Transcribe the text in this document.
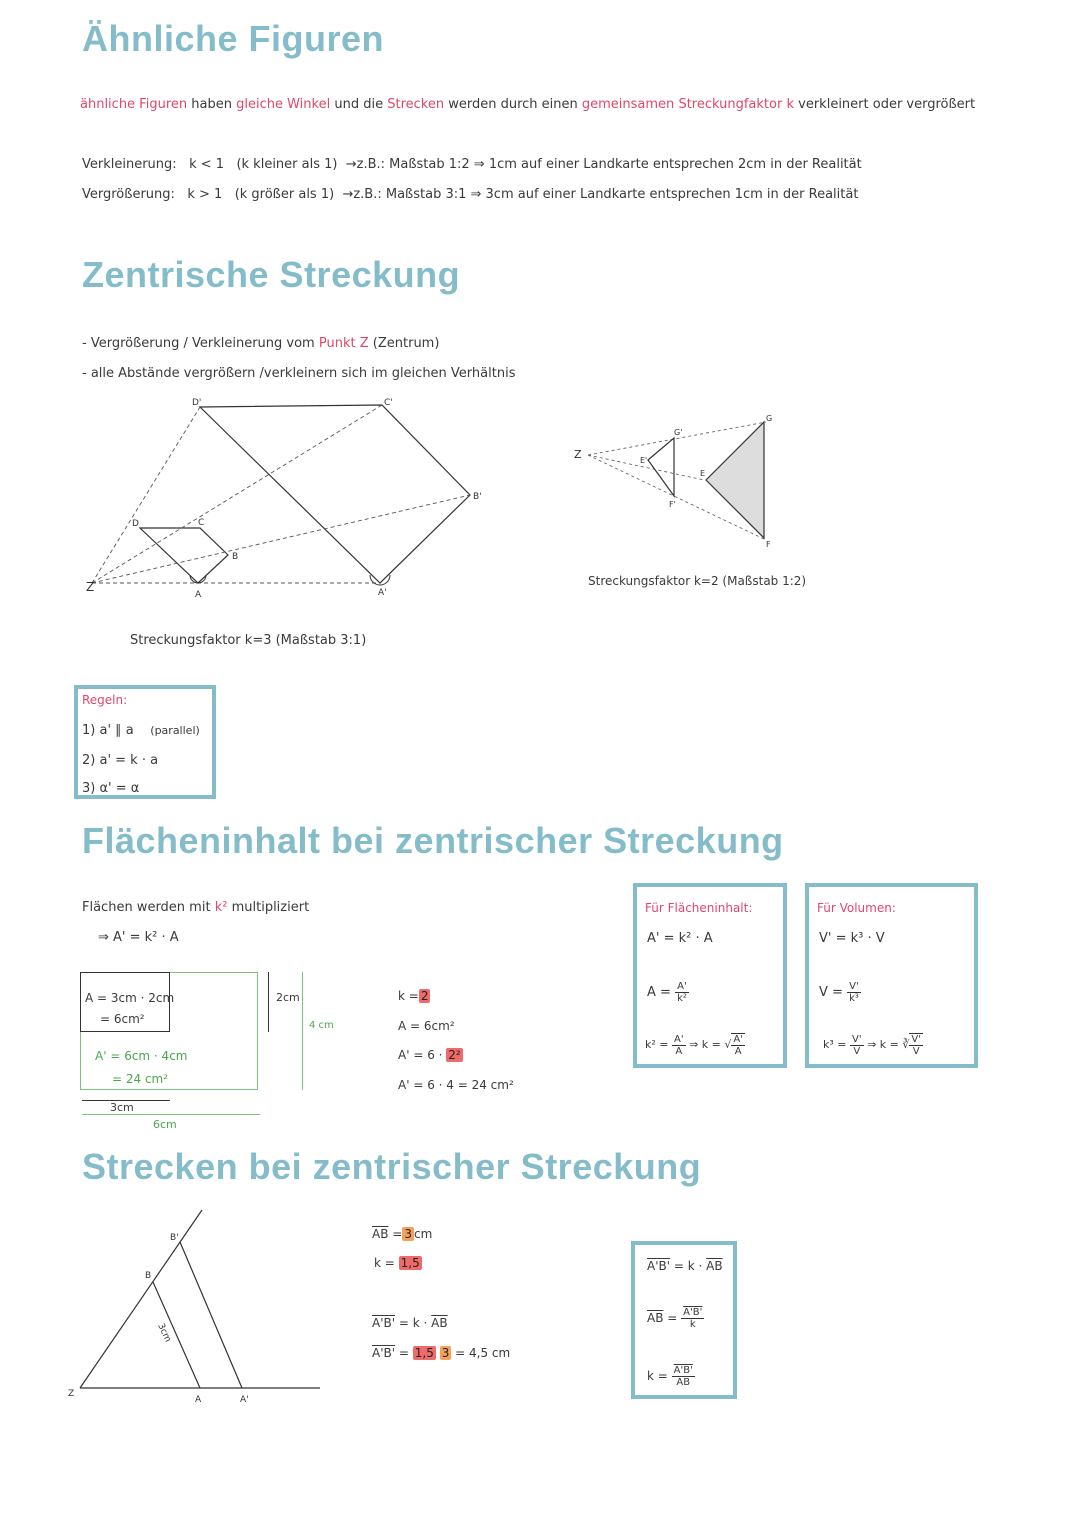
Ähnliche Figuren
ähnliche Figuren haben gleiche Winkel und die Strecken werden durch einen gemeinsamen Streckungfaktor k verkleinert oder vergrößert
Verkleinerung: k < 1 (k kleiner als 1) →z.B.: Maßstab 1:2 ⇒ 1cm auf einer Landkarte entsprechen 2cm in der Realität
Vergrößerung: k > 1 (k größer als 1) →z.B.: Maßstab 3:1 ⇒ 3cm auf einer Landkarte entsprechen 1cm in der Realität
Zentrische Streckung
- Vergrößerung / Verkleinerung vom Punkt Z (Zentrum)
- alle Abstände vergrößern /verkleinern sich im gleichen Verhältnis
D'	C'
B'
D	C
B
A	A'
Z
Streckungsfaktor k=3 (Maßstab 3:1)
Z
G'
E'
F'
E
G
F
Streckungsfaktor k=2 (Maßstab 1:2)
Regeln:
1) a' ∥ a (parallel)
2) a' = k · a
3) α' = α
Flächeninhalt bei zentrischer Streckung
Flächen werden mit k² multipliziert
⇒ A' = k² · A
A = 3cm · 2cm
= 6cm²
A' = 6cm · 4cm
= 24 cm²
3cm
6cm
2cm
4 cm
k = 2
A = 6cm²
A' = 6 · 2²
A' = 6 · 4 = 24 cm²
Für Flächeninhalt:
A' = k² · A
$A = \frac{A'}{\text{k²}}$
$k^2 = \frac{A'}{A}$ ⇒ k = √ $\frac{A'}{A}$
Für Volumen:
V' = k³ · V
$V = \frac{V'}{\text{k³}}$
$k^3 = \frac{V'}{V}$ ⇒ k = ∛ $\frac{V'}{V}$
Strecken bei zentrischer Streckung
B'
B
3cm
A	A'
Z
$\overline{AB} = 3$ cm
k = 1,5
$A'B' = k \cdot \overline{AB}$
A'B' = 1,5 3 = 4,5 cm
$A'B' = k \cdot \overline{AB}$
$\overline{AB} = \frac{A'B'}{k}$
$k = \frac{A'B'}{AB}$
